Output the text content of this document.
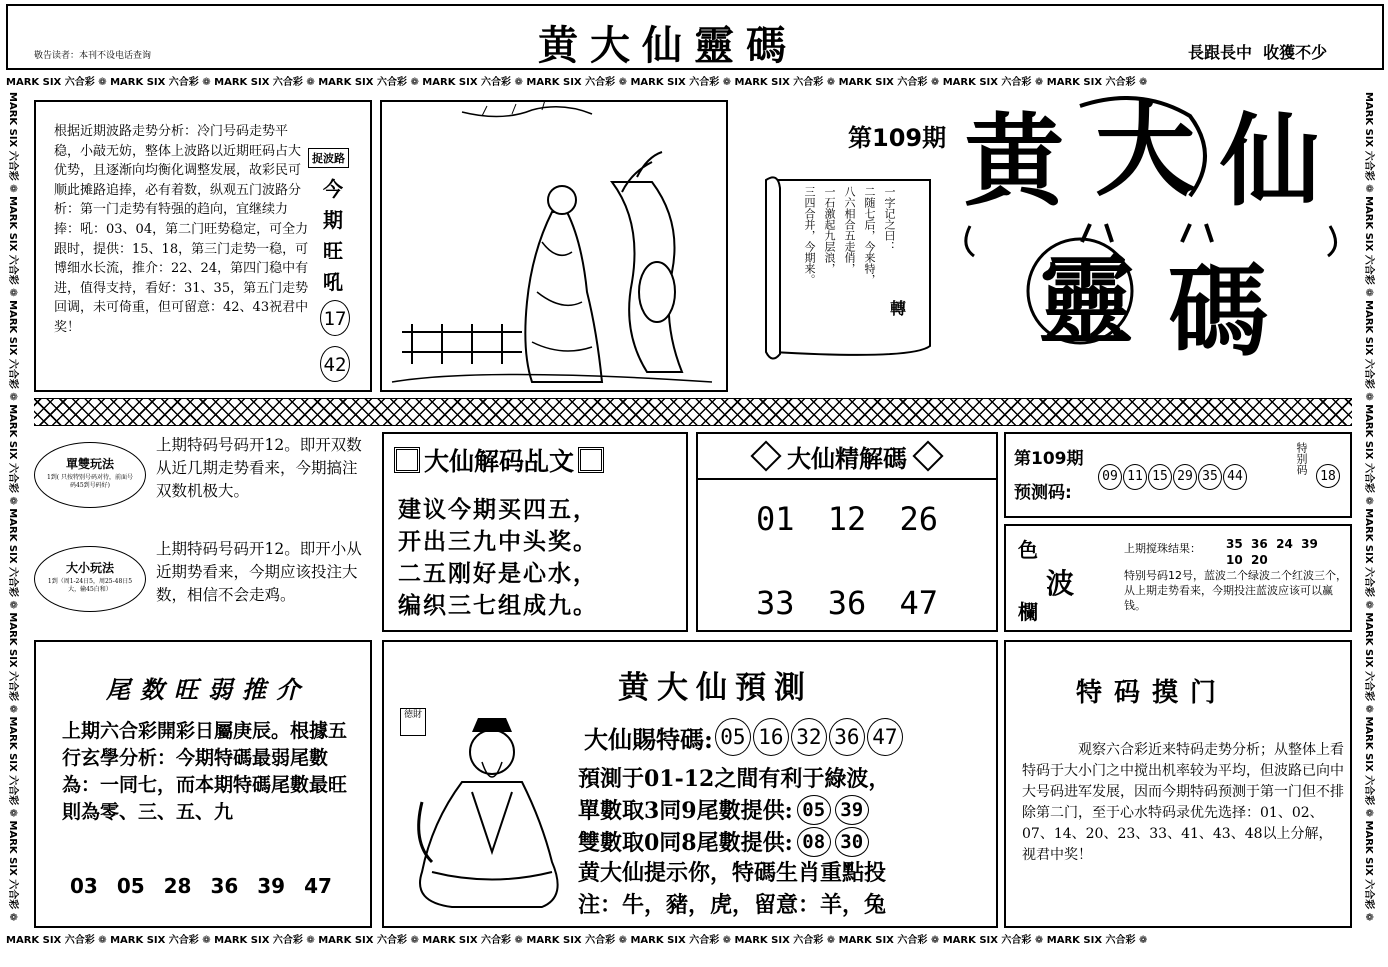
敬告读者：本刊不设电话查询	黄大仙靈碼	長跟長中  收獲不少
MARK SIX 六合彩 ❁ MARK SIX 六合彩 ❁ MARK SIX 六合彩 ❁ MARK SIX 六合彩 ❁ MARK SIX 六合彩 ❁ MARK SIX 六合彩 ❁ MARK SIX 六合彩 ❁ MARK SIX 六合彩 ❁ MARK SIX 六合彩 ❁ MARK SIX 六合彩 ❁ MARK SIX 六合彩 ❁
MARK SIX 六合彩 ❁ MARK SIX 六合彩 ❁ MARK SIX 六合彩 ❁ MARK SIX 六合彩 ❁ MARK SIX 六合彩 ❁ MARK SIX 六合彩 ❁ MARK SIX 六合彩 ❁ MARK SIX 六合彩 ❁ MARK SIX 六合彩 ❁ MARK SIX 六合彩 ❁ MARK SIX 六合彩 ❁
MARK SIX 六合彩 ❁ MARK SIX 六合彩 ❁ MARK SIX 六合彩 ❁ MARK SIX 六合彩 ❁ MARK SIX 六合彩 ❁ MARK SIX 六合彩 ❁ MARK SIX 六合彩 ❁ MARK SIX 六合彩 ❁	MARK SIX 六合彩 ❁ MARK SIX 六合彩 ❁ MARK SIX 六合彩 ❁ MARK SIX 六合彩 ❁ MARK SIX 六合彩 ❁ MARK SIX 六合彩 ❁ MARK SIX 六合彩 ❁ MARK SIX 六合彩 ❁
根据近期波路走势分析：冷门号码走势平稳，小敲无妨，整体上波路以近期旺码占大优势，且逐渐向均衡化调整发展，故彩民可顺此摊路追捧，必有着数，纵观五门波路分析：第一门走势有特强的趋向，宜继续力捧：吼：03、04，第二门旺势稳定，可全力跟时，提供：15、18，第三门走势一稳，可博细水长流，推介：22、24，第四门稳中有进，值得支持，看好：31、35，第五门走势回调，未可倚重，但可留意：42、43祝君中奖！
捉波路
今
期
旺
吼
17
42
第109期
一字记之曰：
二随七后，今来特，
八六相合五走俏，
一石激起九层浪，
三四合并，今期来。
轉
黄 大 仙
靈 碼
單雙玩法
1到( 只按特别号码对待，前面号码45到号码好)
上期特码号码开12。即开双数从近几期走势看来，今期搞注双数机极大。
大小玩法
1到（周1-24日5，周25-48日5大，输45白和）
上期特码号码开12。即开小从近期势看来，今期应该投注大数，相信不会走鸡。
大仙解码乩文
建议今期买四五，
开出三九中头奖。
二五刚好是心水，
编织三七组成九。
大仙精解碼
01 12 26
33 36 47
第109期
预测码:
09 11 15 29 35 44
特别码
18
色
波
欄
上期搅珠结果： 35  36  24  39  10  20
特别号码12号，蓝波二个绿波二个红波三个，从上期走势看来，今期投注蓝波应该可以赢钱。
尾数旺弱推介
上期六合彩開彩日屬庚辰。根據五行玄學分析：今期特碼最弱尾數為：一同七，而本期特碼尾數最旺則為零、三、五、九
03 05 28 36 39 47
黄大仙預測
徳財
大仙賜特碼: 05 16 32 36 47
預測于01-12之間有利于綠波，
單數取3同9尾數提供: 05 39
雙數取0同8尾數提供: 08 30
黄大仙提示你，特碼生肖重點投
注：牛，豬，虎，留意：羊，兔
特码摸门
观察六合彩近来特码走势分析；从整体上看特码于大小门之中搅出机率较为平均，但波路已向中大号码进军发展，因而今期特码预测于第一门但不排除第二门，至于心水特码录优先选择：01、02、07、14、20、23、33、41、43、48以上分解，视君中奖！
